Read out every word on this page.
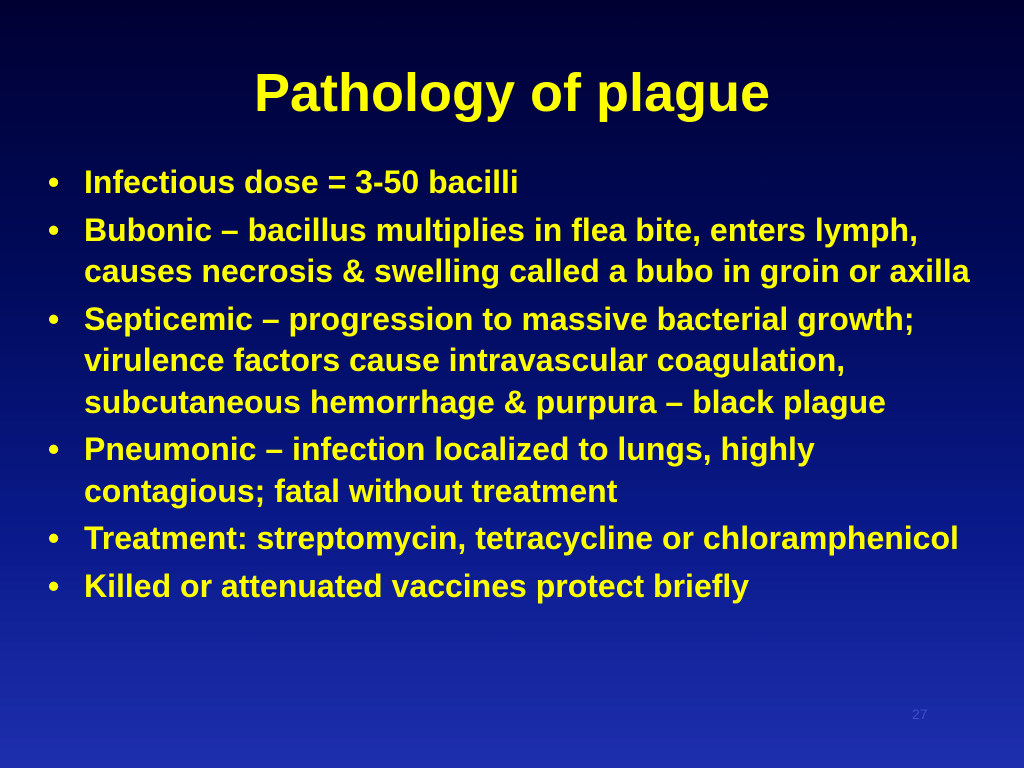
Pathology of plague
• Infectious dose = 3-50 bacilli
• Bubonic – bacillus multiplies in flea bite, enters lymph, causes necrosis & swelling called a bubo in groin or axilla
• Septicemic – progression to massive bacterial growth; virulence factors cause intravascular coagulation, subcutaneous hemorrhage & purpura – black plague
• Pneumonic – infection localized to lungs, highly contagious; fatal without treatment
• Treatment: streptomycin, tetracycline or chloramphenicol
• Killed or attenuated vaccines protect briefly
27
